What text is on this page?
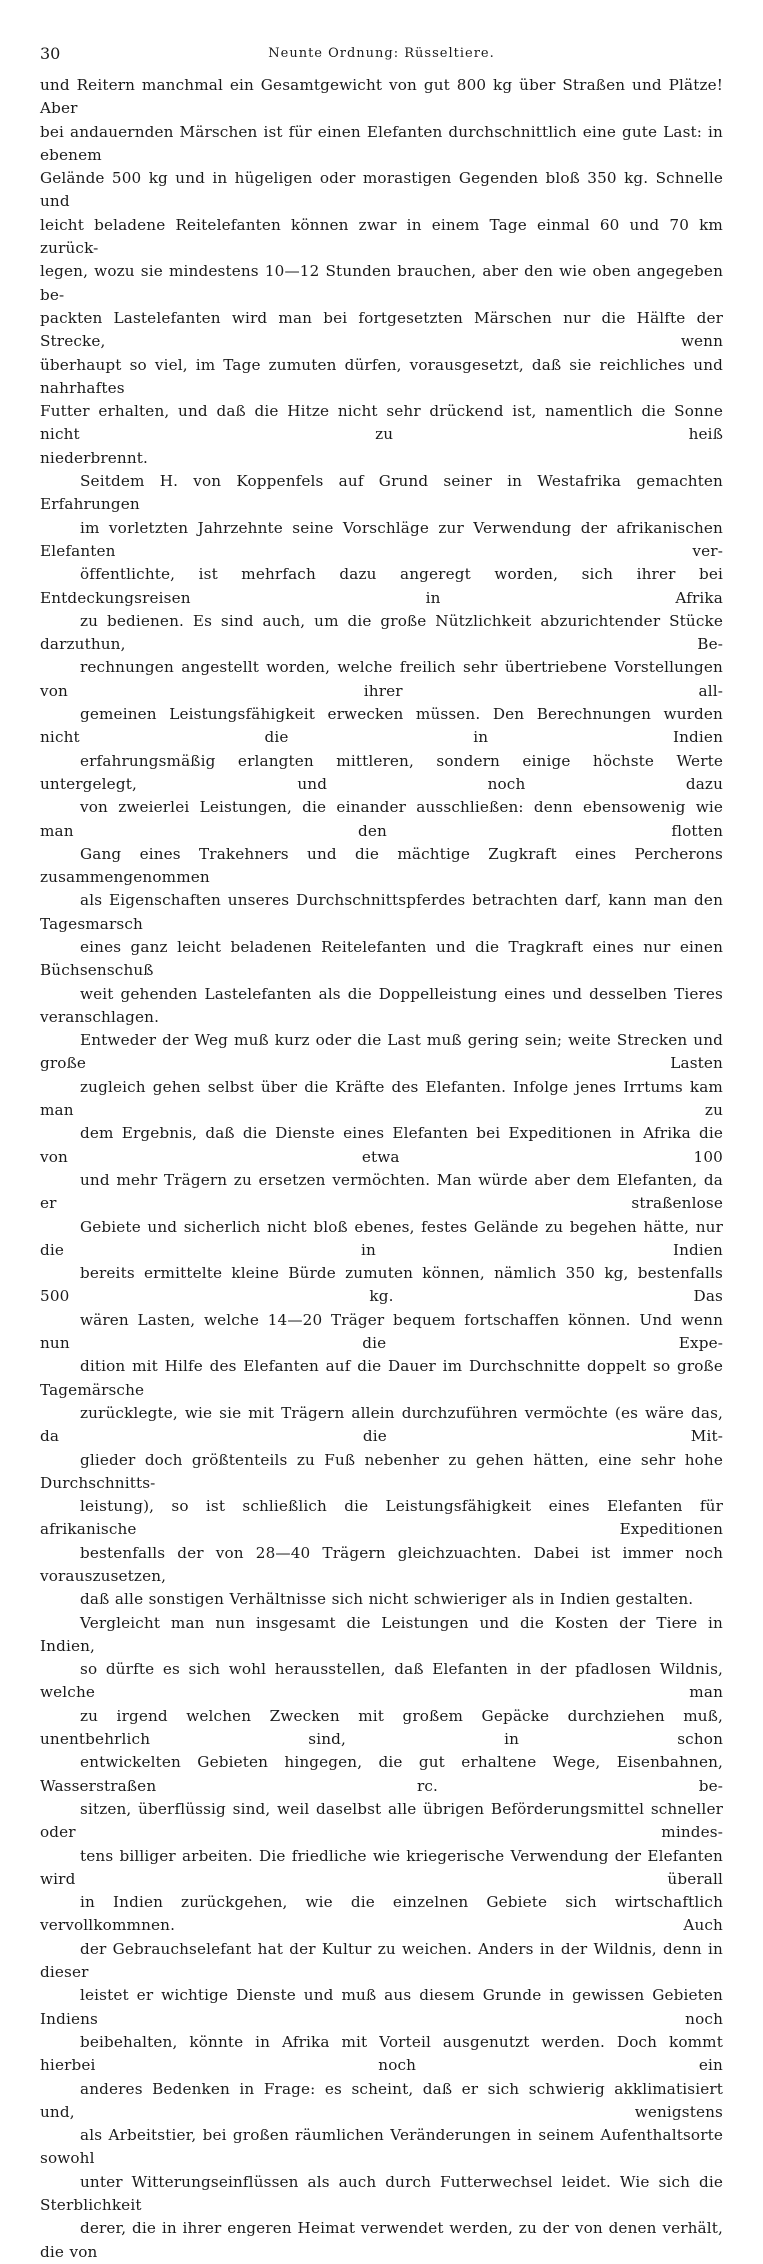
30	Neunte Ordnung: Rüsseltiere.

und Reitern manchmal ein Gesamtgewicht von gut 800 kg über Straßen und Plätze! Aber
bei andauernden Märschen ist für einen Elefanten durchschnittlich eine gute Last: in ebenem
Gelände 500 kg und in hügeligen oder morastigen Gegenden bloß 350 kg. Schnelle und
leicht beladene Reitelefanten können zwar in einem Tage einmal 60 und 70 km zurück-
legen, wozu sie mindestens 10—12 Stunden brauchen, aber den wie oben angegeben be-
packten Lastelefanten wird man bei fortgesetzten Märschen nur die Hälfte der Strecke, wenn
überhaupt so viel, im Tage zumuten dürfen, vorausgesetzt, daß sie reichliches und nahrhaftes
Futter erhalten, und daß die Hitze nicht sehr drückend ist, namentlich die Sonne nicht zu heiß
niederbrennt.

Seitdem H. von Koppenfels auf Grund seiner in Westafrika gemachten Erfahrungen
im vorletzten Jahrzehnte seine Vorschläge zur Verwendung der afrikanischen Elefanten ver-
öffentlichte, ist mehrfach dazu angeregt worden, sich ihrer bei Entdeckungsreisen in Afrika
zu bedienen. Es sind auch, um die große Nützlichkeit abzurichtender Stücke darzuthun, Be-
rechnungen angestellt worden, welche freilich sehr übertriebene Vorstellungen von ihrer all-
gemeinen Leistungsfähigkeit erwecken müssen. Den Berechnungen wurden nicht die in Indien
erfahrungsmäßig erlangten mittleren, sondern einige höchste Werte untergelegt, und noch dazu
von zweierlei Leistungen, die einander ausschließen: denn ebensowenig wie man den flotten
Gang eines Trakehners und die mächtige Zugkraft eines Percherons zusammengenommen
als Eigenschaften unseres Durchschnittspferdes betrachten darf, kann man den Tagesmarsch
eines ganz leicht beladenen Reitelefanten und die Tragkraft eines nur einen Büchsenschuß
weit gehenden Lastelefanten als die Doppelleistung eines und desselben Tieres veranschlagen.
Entweder der Weg muß kurz oder die Last muß gering sein; weite Strecken und große Lasten
zugleich gehen selbst über die Kräfte des Elefanten. Infolge jenes Irrtums kam man zu
dem Ergebnis, daß die Dienste eines Elefanten bei Expeditionen in Afrika die von etwa 100
und mehr Trägern zu ersetzen vermöchten. Man würde aber dem Elefanten, da er straßenlose
Gebiete und sicherlich nicht bloß ebenes, festes Gelände zu begehen hätte, nur die in Indien
bereits ermittelte kleine Bürde zumuten können, nämlich 350 kg, bestenfalls 500 kg. Das
wären Lasten, welche 14—20 Träger bequem fortschaffen können. Und wenn nun die Expe-
dition mit Hilfe des Elefanten auf die Dauer im Durchschnitte doppelt so große Tagemärsche
zurücklegte, wie sie mit Trägern allein durchzuführen vermöchte (es wäre das, da die Mit-
glieder doch größtenteils zu Fuß nebenher zu gehen hätten, eine sehr hohe Durchschnitts-
leistung), so ist schließlich die Leistungsfähigkeit eines Elefanten für afrikanische Expeditionen
bestenfalls der von 28—40 Trägern gleichzuachten. Dabei ist immer noch vorauszusetzen,
daß alle sonstigen Verhältnisse sich nicht schwieriger als in Indien gestalten.

Vergleicht man nun insgesamt die Leistungen und die Kosten der Tiere in Indien,
so dürfte es sich wohl herausstellen, daß Elefanten in der pfadlosen Wildnis, welche man
zu irgend welchen Zwecken mit großem Gepäcke durchziehen muß, unentbehrlich sind, in schon
entwickelten Gebieten hingegen, die gut erhaltene Wege, Eisenbahnen, Wasserstraßen rc. be-
sitzen, überflüssig sind, weil daselbst alle übrigen Beförderungsmittel schneller oder mindes-
tens billiger arbeiten. Die friedliche wie kriegerische Verwendung der Elefanten wird überall
in Indien zurückgehen, wie die einzelnen Gebiete sich wirtschaftlich vervollkommnen. Auch
der Gebrauchselefant hat der Kultur zu weichen. Anders in der Wildnis, denn in dieser
leistet er wichtige Dienste und muß aus diesem Grunde in gewissen Gebieten Indiens noch
beibehalten, könnte in Afrika mit Vorteil ausgenutzt werden. Doch kommt hierbei noch ein
anderes Bedenken in Frage: es scheint, daß er sich schwierig akklimatisiert und, wenigstens
als Arbeitstier, bei großen räumlichen Veränderungen in seinem Aufenthaltsorte sowohl
unter Witterungseinflüssen als auch durch Futterwechsel leidet. Wie sich die Sterblichkeit
derer, die in ihrer engeren Heimat verwendet werden, zu der von denen verhält, die von
